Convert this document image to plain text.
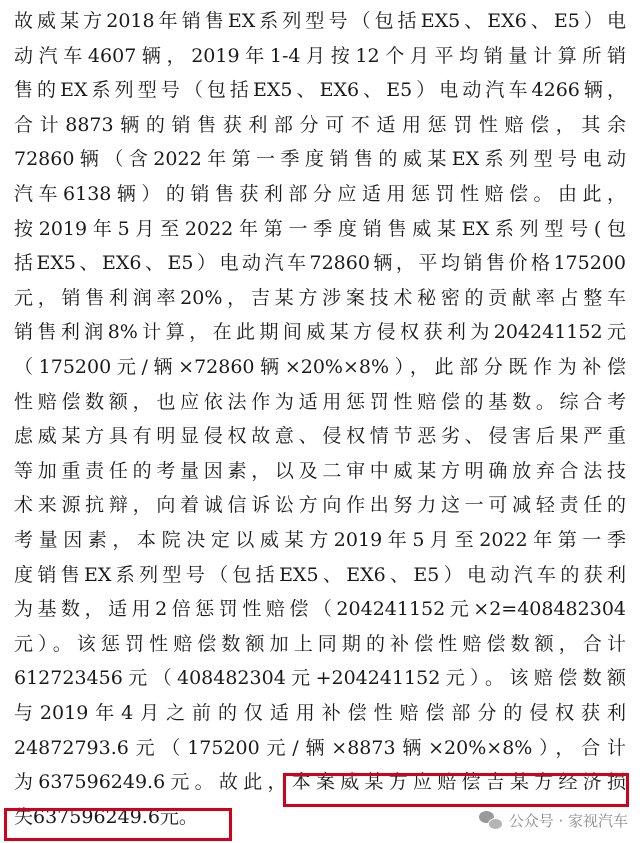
故威某方2018年销售EX系列型号（包括EX5、EX6、E5）电
动汽车4607辆，2019年1-4月按12个月平均销量计算所销
售的EX系列型号（包括EX5、EX6、E5）电动汽车4266辆，
合计8873辆的销售获利部分可不适用惩罚性赔偿，其余
72860辆（含2022年第一季度销售的威某EX系列型号电动
汽车6138辆）的销售获利部分应适用惩罚性赔偿。由此，
按2019年5月至2022年第一季度销售威某EX系列型号(包
括EX5、EX6、E5）电动汽车72860辆，平均销售价格175200
元，销售利润率20%，吉某方涉案技术秘密的贡献率占整车
销售利润8%计算，在此期间威某方侵权获利为204241152元
（175200元/辆×72860辆×20%×8%），此部分既作为补偿
性赔偿数额，也应依法作为适用惩罚性赔偿的基数。综合考
虑威某方具有明显侵权故意、侵权情节恶劣、侵害后果严重
等加重责任的考量因素，以及二审中威某方明确放弃合法技
术来源抗辩，向着诚信诉讼方向作出努力这一可减轻责任的
考量因素，本院决定以威某方2019年5月至2022年第一季
度销售EX系列型号（包括EX5、EX6、E5）电动汽车的获利
为基数，适用2倍惩罚性赔偿（204241152元×2=408482304
元）。该惩罚性赔偿数额加上同期的补偿性赔偿数额，合计
612723456元（408482304元+204241152元）。该赔偿数额
与2019年4月之前的仅适用补偿性赔偿部分的侵权获利
24872793.6元（175200元/辆×8873辆×20%×8%），合计
为637596249.6元。故此，本案威某方应赔偿吉某方经济损
失637596249.6元。	公众号 · 家视汽车
